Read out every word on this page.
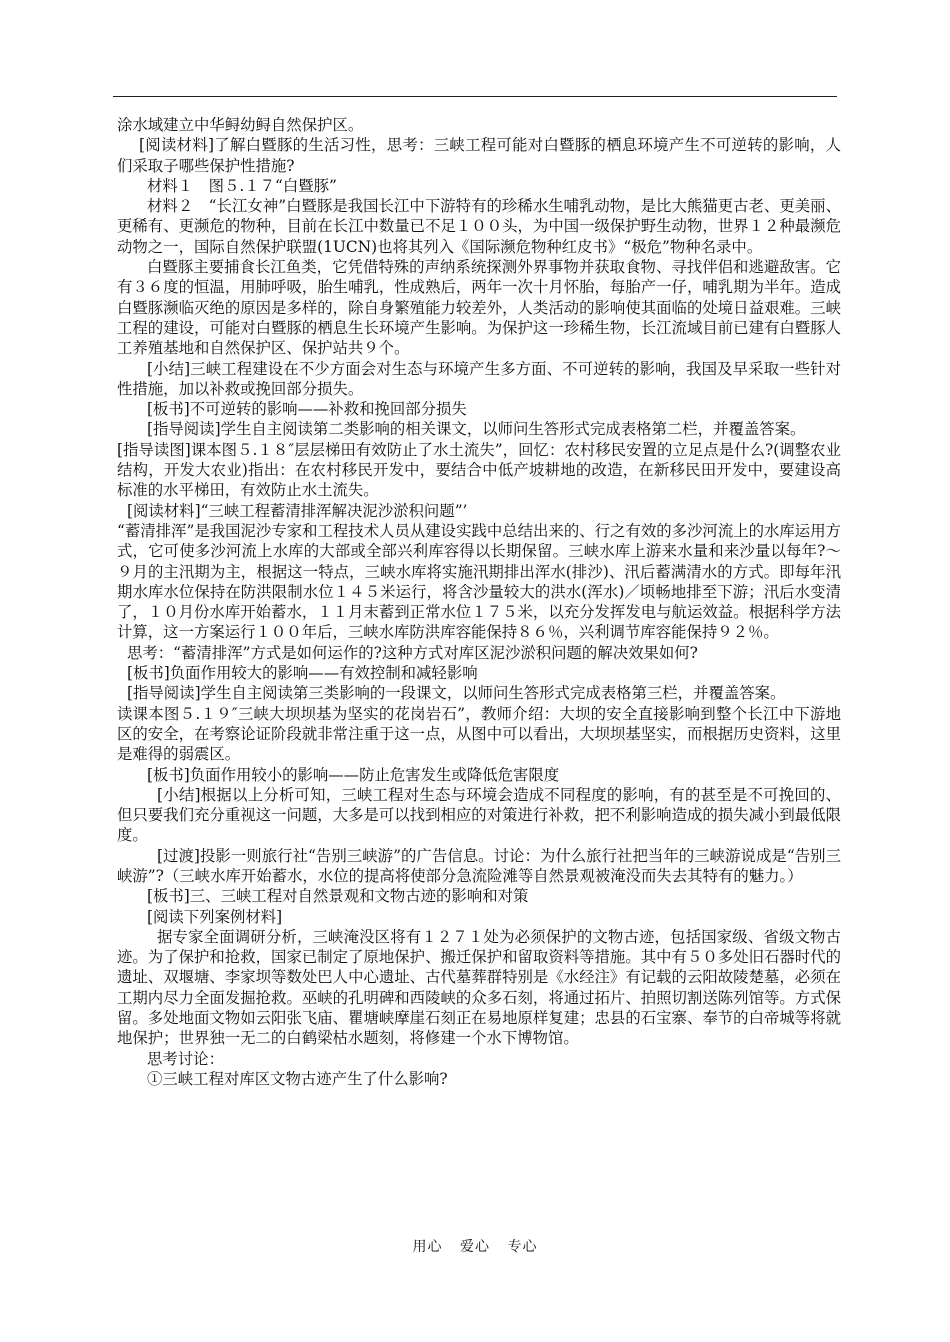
涂水域建立中华鲟幼鲟自然保护区。

[阅读材料]了解白暨豚的生活习性，思考：三峡工程可能对白暨豚的栖息环境产生不可逆转的影响，人们采取子哪些保护性措施?

材料１　图５.１７“白暨豚”

材料２　“长江女神”白暨豚是我国长江中下游特有的珍稀水生哺乳动物，是比大熊猫更古老、更美丽、更稀有、更濒危的物种，目前在长江中数量已不足１００头，为中国一级保护野生动物，世界１２种最濒危动物之一，国际自然保护联盟(1UCN)也将其列入《国际濒危物种红皮书》“极危”物种名录中。

白暨豚主要捕食长江鱼类，它凭借特殊的声纳系统探测外界事物并获取食物、寻找伴侣和逃避敌害。它有３６度的恒温，用肺呼吸，胎生哺乳，性成熟后，两年一次十月怀胎，每胎产一仔，哺乳期为半年。造成白暨豚濒临灭绝的原因是多样的，除自身繁殖能力较差外，人类活动的影响使其面临的处境日益艰难。三峡工程的建设，可能对白暨豚的栖息生长环境产生影响。为保护这一珍稀生物，长江流域目前已建有白暨豚人工养殖基地和自然保护区、保护站共９个。

[小结]三峡工程建设在不少方面会对生态与环境产生多方面、不可逆转的影响，我国及早采取一些针对性措施，加以补救或挽回部分损失。

[板书]不可逆转的影响——补救和挽回部分损失

[指导阅读]学生自主阅读第二类影响的相关课文，以师问生答形式完成表格第二栏，并覆盖答案。

[指导读图]课本图５.１８″层层梯田有效防止了水土流失”，回忆：农村移民安置的立足点是什么?(调整农业结构，开发大农业)指出：在农村移民开发中，要结合中低产坡耕地的改造，在新移民田开发中，要建设高标准的水平梯田，有效防止水土流失。

[阅读材料]“三峡工程蓄清排浑解决泥沙淤积问题”’

“蓄清排浑”是我国泥沙专家和工程技术人员从建设实践中总结出来的、行之有效的多沙河流上的水库运用方式，它可使多沙河流上水库的大部或全部兴利库容得以长期保留。三峡水库上游来水量和来沙量以每年?～９月的主汛期为主，根据这一特点，三峡水库将实施汛期排出浑水(排沙)、汛后蓄满清水的方式。即每年汛期水库水位保持在防洪限制水位１４５米运行，将含沙量较大的洪水(浑水)／顷畅地排至下游；汛后水变清了，１０月份水库开始蓄水，１１月末蓄到正常水位１７５米，以充分发挥发电与航运效益。根据科学方法计算，这一方案运行１００年后，三峡水库防洪库容能保持８６％，兴利调节库容能保持９２％。

思考：“蓄清排浑”方式是如何运作的?这种方式对库区泥沙淤积问题的解决效果如何?

[板书]负面作用较大的影响——有效控制和减轻影响

[指导阅读]学生自主阅读第三类影响的一段课文，以师问生答形式完成表格第三栏，并覆盖答案。

读课本图５.１９″三峡大坝坝基为坚实的花岗岩石”，教师介绍：大坝的安全直接影响到整个长江中下游地区的安全，在考察论证阶段就非常注重于这一点，从图中可以看出，大坝坝基坚实，而根据历史资料，这里是难得的弱震区。

[板书]负面作用较小的影响——防止危害发生或降低危害限度

[小结]根据以上分析可知，三峡工程对生态与环境会造成不同程度的影响，有的甚至是不可挽回的、但只要我们充分重视这一问题，大多是可以找到相应的对策进行补救，把不利影响造成的损失减小到最低限度。

[过渡]投影一则旅行社“告别三峡游”的广告信息。讨论：为什么旅行社把当年的三峡游说成是“告别三峡游”?（三峡水库开始蓄水，水位的提高将使部分急流险滩等自然景观被淹没而失去其特有的魅力。）

[板书]三、三峡工程对自然景观和文物古迹的影响和对策

[阅读下列案例材料]

据专家全面调研分析，三峡淹没区将有１２７１处为必须保护的文物古迹，包括国家级、省级文物古迹。为了保护和抢救，国家已制定了原地保护、搬迁保护和留取资料等措施。其中有５０多处旧石器时代的遗址、双堰塘、李家坝等数处巴人中心遗址、古代墓葬群特别是《水经注》有记载的云阳故陵楚墓，必须在工期内尽力全面发掘抢救。巫峡的孔明碑和西陵峡的众多石刻，将通过拓片、拍照切割送陈列馆等。方式保留。多处地面文物如云阳张飞庙、瞿塘峡摩崖石刻正在易地原样复建；忠县的石宝寨、奉节的白帝城等将就地保护；世界独一无二的白鹤梁枯水题刻，将修建一个水下博物馆。

思考讨论：

①三峡工程对库区文物古迹产生了什么影响?

用心 爱心 专心
